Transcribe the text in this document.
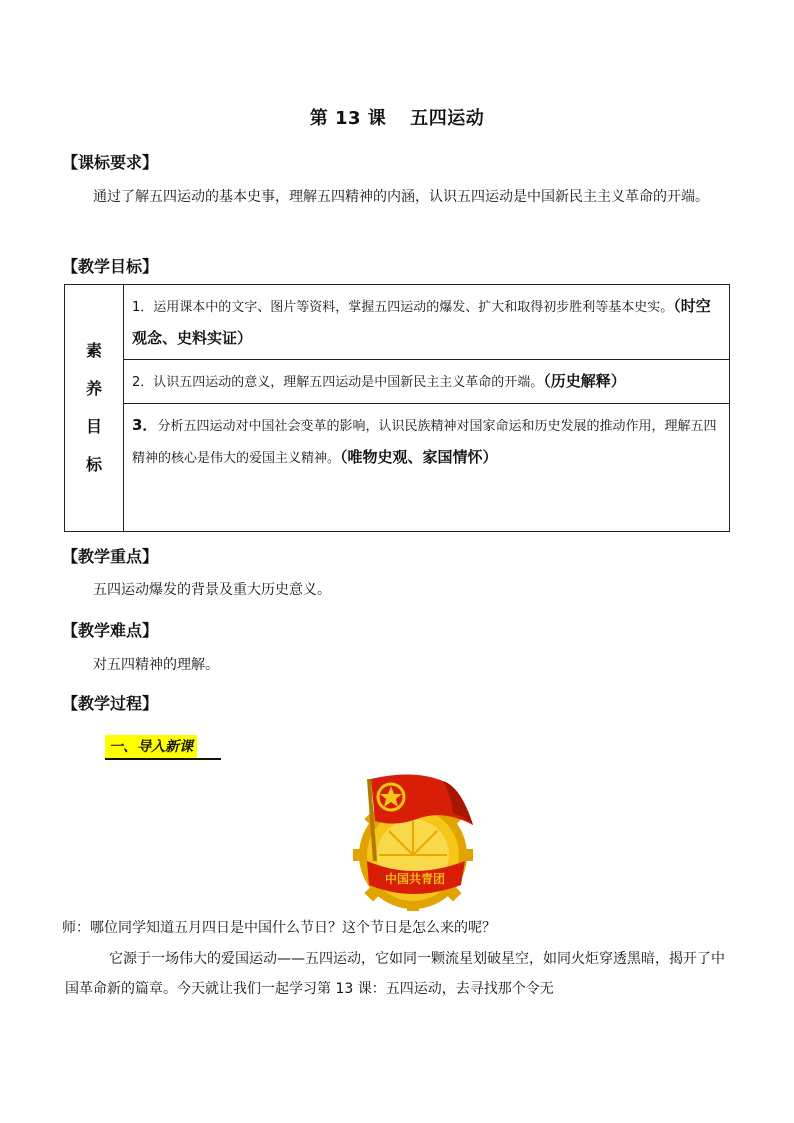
第 13 课 五四运动
【课标要求】
通过了解五四运动的基本史事，理解五四精神的内涵，认识五四运动是中国新民主主义革命的开端。
【教学目标】
素
养
目
标
	1．运用课本中的文字、图片等资料，掌握五四运动的爆发、扩大和取得初步胜利等基本史实。（时空观念、史料实证）
2．认识五四运动的意义，理解五四运动是中国新民主主义革命的开端。（历史解释）
3．分析五四运动对中国社会变革的影响，认识民族精神对国家命运和历史发展的推动作用，理解五四精神的核心是伟大的爱国主义精神。（唯物史观、家国情怀）
【教学重点】
五四运动爆发的背景及重大历史意义。
【教学难点】
对五四精神的理解。
【教学过程】
一、导入新课
中国共青团
师：哪位同学知道五月四日是中国什么节日？这个节日是怎么来的呢？
它源于一场伟大的爱国运动——五四运动，它如同一颗流星划破星空，如同火炬穿透黑暗，揭开了中国革命新的篇章。今天就让我们一起学习第 13 课：五四运动，去寻找那个令无
